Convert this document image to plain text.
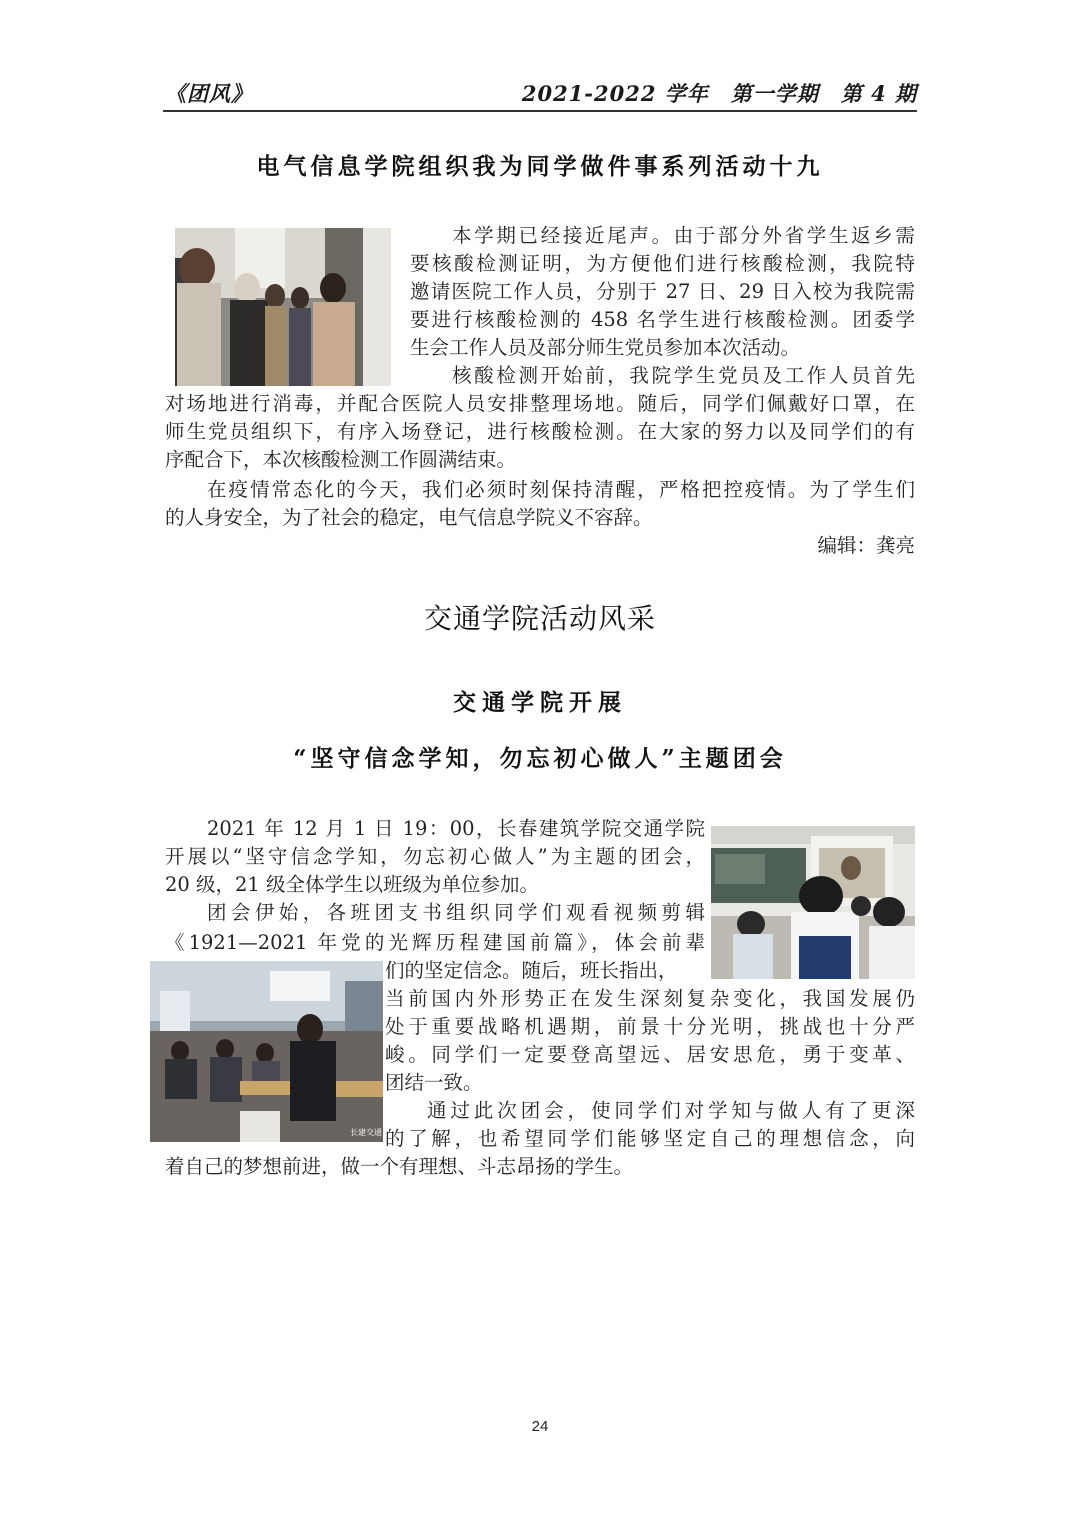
《团风》	2021-2022 学年　第一学期　第 4 期
电气信息学院组织我为同学做件事系列活动十九
本学期已经接近尾声。由于部分外省学生返乡需
要核酸检测证明，为方便他们进行核酸检测，我院特
邀请医院工作人员，分别于 27 日、29 日入校为我院需
要进行核酸检测的 458 名学生进行核酸检测。团委学
生会工作人员及部分师生党员参加本次活动。
核酸检测开始前，我院学生党员及工作人员首先
对场地进行消毒，并配合医院人员安排整理场地。随后，同学们佩戴好口罩，在
师生党员组织下，有序入场登记，进行核酸检测。在大家的努力以及同学们的有
序配合下，本次核酸检测工作圆满结束。
在疫情常态化的今天，我们必须时刻保持清醒，严格把控疫情。为了学生们
的人身安全，为了社会的稳定，电气信息学院义不容辞。
编辑：龚亮
交通学院活动风采
交通学院开展
“坚守信念学知，勿忘初心做人”主题团会
长建交通
2021 年 12 月 1 日 19：00，长春建筑学院交通学院
开展以“坚守信念学知，勿忘初心做人”为主题的团会，
20 级，21 级全体学生以班级为单位参加。
团会伊始，各班团支书组织同学们观看视频剪辑
《1921—2021 年党的光辉历程建国前篇》，体会前辈
们的坚定信念。随后，班长指出，
当前国内外形势正在发生深刻复杂变化，我国发展仍
处于重要战略机遇期，前景十分光明，挑战也十分严
峻。同学们一定要登高望远、居安思危，勇于变革、
团结一致。
通过此次团会，使同学们对学知与做人有了更深
的了解，也希望同学们能够坚定自己的理想信念，向
着自己的梦想前进，做一个有理想、斗志昂扬的学生。
24
